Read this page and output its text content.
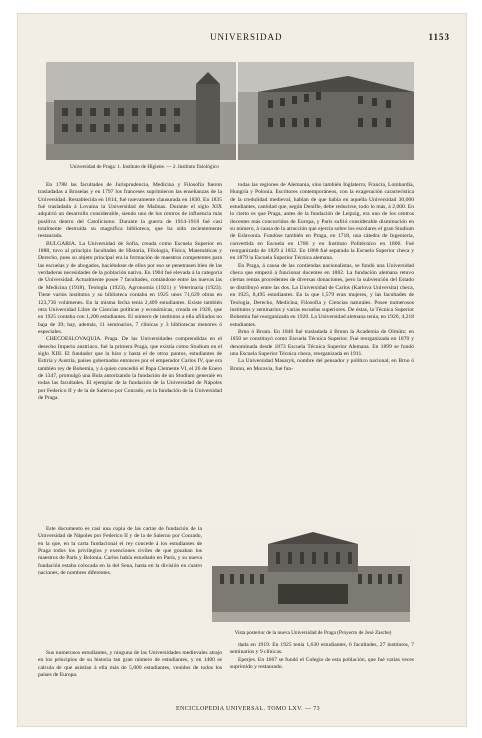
UNIVERSIDAD	1153
Universidad de Praga: 1. Instituto de Higiene. — 2. Instituto fisiológico

En 1788 las facultades de Jurisprudencia, Medicina y Filosofía fueron trasladadas a Bruselas y en 1797 los franceses suprimieron las enseñanzas de la Universidad. Restablecida en 1814, fué nuevamente clausurada en 1830. En 1835 fué trasladada á Lovaina la Universidad de Malinas. Durante el siglo XIX adquirió un desarrollo considerable, siendo uno de los centros de influencia más positiva dentro del Catolicismo. Durante la guerra de 1914-1918 fué casi totalmente destruida su magnífica biblioteca, que ha sido recientemente restaurada.

BULGARIA. La Universidad de Sofía, creada como Escuela Superior en 1888, tuvo al principio facultades de Historia, Filología, Física, Matemáticas y Derecho, pues su objeto principal era la formación de maestros competentes para las escuelas y de abogados, haciéndose de ellos por eso se penetrasen bien de las verdaderas necesidades de la población nativa. En 1904 fué elevada á la categoría de Universidad. Actualmente posee 7 facultades, contándose entre las nuevas las de Medicina (1918), Teología (1923), Agronomía (1921) y Veterinaria (1923). Tiene varios institutos y su biblioteca contaba en 1925 unos 71,629 obras en 123,736 volúmenes. En la misma fecha tenía 2,409 estudiantes. Existe también otra Universidad Libre de Ciencias políticas y económicas, creada en 1920, que en 1925 contaba con 1,200 estudiantes. El número de institutos a ella afiliados no baja de 39; hay, además, 11 seminarios, 7 clínicas y 3 bibliotecas menores ó especiales.

CHECOESLOVAQUIA. Praga. De las Universidades comprendidas en el desecho Imperio austriaco, fué la primera Praga, que existía como Studium en el siglo XIII. El fundador que la hizo y hasta el de otros puntos, estudiantes de Estiria y Austria, países gobernados entonces por el emperador Carlos IV, que era también rey de Bohemia, y á quien concedió el Papa Clemente VI, el 26 de Enero de 1347, promulgó una Bula autorizando la fundación de un Studium generale en todas las facultades. El ejemplar de la fundación de la Universidad de Nápoles por Federico II y de la de Salerno por Conrado, en la fundación de la Universidad de Praga.

Este documento es casi una copia de las cartas de fundación de la Universidad de Nápoles por Federico II y de la de Salerno por Conrado, en la que, en la carta fundacional el rey concede á los estudiantes de Praga todos los privilegios y exenciones civiles de que gozaban los maestros de París y Bolonia. Carlos había estudiado en París, y su nueva fundación estaba colocada en la del Sena, hasta en la división en cuatro naciones, de nombres diferentes.

Sus numerosos estudiantes, y ninguna de las Universidades medievales atrajo en los principios de su historia tan gran número de estudiantes, y en 1400 se calcula de que asistían á ella más de 5,000 estudiantes, venidos de todos los países de Europa.

todas las regiones de Alemania, sino también Inglaterra, Francia, Lombardía, Hungría y Polonia. Escritores contemporáneos, con la exageración característica de la credulidad medieval, hablan de que había en aquella Universidad 30,000 estudiantes, cantidad que, según Denifle, debe reducirse, todo lo más, á 2,000. En lo cierto es que Praga, antes de la fundación de Leipzig, era uno de los centros docentes más concurridos de Europa, y París sufrió considerable disminución en su número, á causa de la atracción que ejercía sobre los escolares el gran Studium de Eslavonia. Fundóse también en Praga, en 1718, una cátedra de Ingeniería, convertida en Escuela en 1786 y en Instituto Politécnico en 1806. Fué reorganizada de 1829 á 1832. En 1868 fué separada la Escuela Superior checa y en 1879 la Escuela Superior Técnica alemana.

En Praga, á causa de las contiendas nacionalistas, se fundó una Universidad checa que empezó á funcionar docentes en 1882. La fundación alemana retuvo ciertas rentas procedentes de diversas donaciones, pero la subvención del Estado se distribuyó entre las dos. La Universidad de Carlos (Karlova Universita) checa, en 1925, 8,495 estudiantes. En la que 1,579 eran mujeres, y las facultades de Teología, Derecho, Medicina, Filosofía y Ciencias naturales. Posee numerosos institutos y seminarios y varias escuelas superiores. De éstas, la Técnica Superior Bohemia fué reorganizada en 1920. La Universidad alemana tenía, en 1926, 4,218 estudiantes.

Brno ó Brunn. En 1846 fué trasladada á Brunn la Academia de Olmütz; en 1850 se constituyó como Escuela Técnica Superior. Fué reorganizada en 1870 y denominada desde 1873 Escuela Técnica Superior Alemana. En 1899 se fundó una Escuela Superior Técnica checa, reorganizada en 1911.

La Universidad Masaryk, nombre del pensador y político nacional, en Brno ó Brunn, en Moravia, fué fun-

Vista posterior de la nueva Universidad de Praga (Proyecto de José Zasche)

dada en 1919. En 1925 tenía 1,630 estudiantes, 6 facultades, 27 institutos, 7 seminarios y 9 clínicas.

Eperjes. En 1667 se fundó el Colegio de esta población, que fué varias veces suprimido y restaurado.

ENCICLOPEDIA UNIVERSAL. TOMO LXV. — 73
